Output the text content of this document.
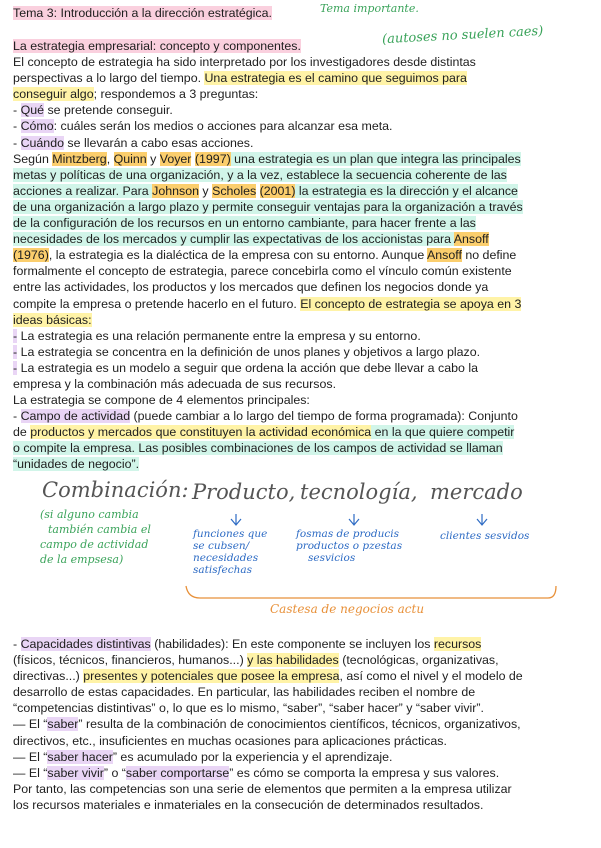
Tema 3: Introducción a la dirección estratégica.	Tema importante.
La estrategia empresarial: concepto y componentes.
El concepto de estrategia ha sido interpretado por los investigadores desde distintas
perspectivas a lo largo del tiempo. Una estrategia es el camino que seguimos para
conseguir algo; respondemos a 3 preguntas:
- Qué se pretende conseguir.
- Cómo: cuáles serán los medios o acciones para alcanzar esa meta.
- Cuándo se llevarán a cabo esas acciones.
Según Mintzberg, Quinn y Voyer (1997) una estrategia es un plan que integra las principales
metas y políticas de una organización, y a la vez, establece la secuencia coherente de las
acciones a realizar. Para Johnson y Scholes (2001) la estrategia es la dirección y el alcance
de una organización a largo plazo y permite conseguir ventajas para la organización a través
de la configuración de los recursos en un entorno cambiante, para hacer frente a las
necesidades de los mercados y cumplir las expectativas de los accionistas para Ansoff
(1976), la estrategia es la dialéctica de la empresa con su entorno. Aunque Ansoff no define
formalmente el concepto de estrategia, parece concebirla como el vínculo común existente
entre las actividades, los productos y los mercados que definen los negocios donde ya
compite la empresa o pretende hacerlo en el futuro. El concepto de estrategia se apoya en 3
ideas básicas:
- La estrategia es una relación permanente entre la empresa y su entorno.
- La estrategia se concentra en la definición de unos planes y objetivos a largo plazo.
- La estrategia es un modelo a seguir que ordena la acción que debe llevar a cabo la
empresa y la combinación más adecuada de sus recursos.
La estrategia se compone de 4 elementos principales:
- Campo de actividad (puede cambiar a lo largo del tiempo de forma programada): Conjunto
de productos y mercados que constituyen la actividad económica en la que quiere competir
o compite la empresa. Las posibles combinaciones de los campos de actividad se llaman
“unidades de negocio”.
(autoses no suelen caes)
Combinación: Producto, tecnología, mercado
(si alguno cambia
también cambia el
campo de actividad
de la empsesa)
funciones que
se cubsen/
necesidades
satisfechas
fosmas de producis
productos o pzestas
sesvicios
clientes sesvidos
Castesa de negocios actu
- Capacidades distintivas (habilidades): En este componente se incluyen los recursos
(físicos, técnicos, financieros, humanos...) y las habilidades (tecnológicas, organizativas,
directivas...) presentes y potenciales que posee la empresa, así como el nivel y el modelo de
desarrollo de estas capacidades. En particular, las habilidades reciben el nombre de
“competencias distintivas” o, lo que es lo mismo, “saber”, “saber hacer” y “saber vivir”.
— El “saber” resulta de la combinación de conocimientos científicos, técnicos, organizativos,
directivos, etc., insuficientes en muchas ocasiones para aplicaciones prácticas.
— El “saber hacer” es acumulado por la experiencia y el aprendizaje.
— El “saber vivir” o “saber comportarse” es cómo se comporta la empresa y sus valores.
Por tanto, las competencias son una serie de elementos que permiten a la empresa utilizar
los recursos materiales e inmateriales en la consecución de determinados resultados.
